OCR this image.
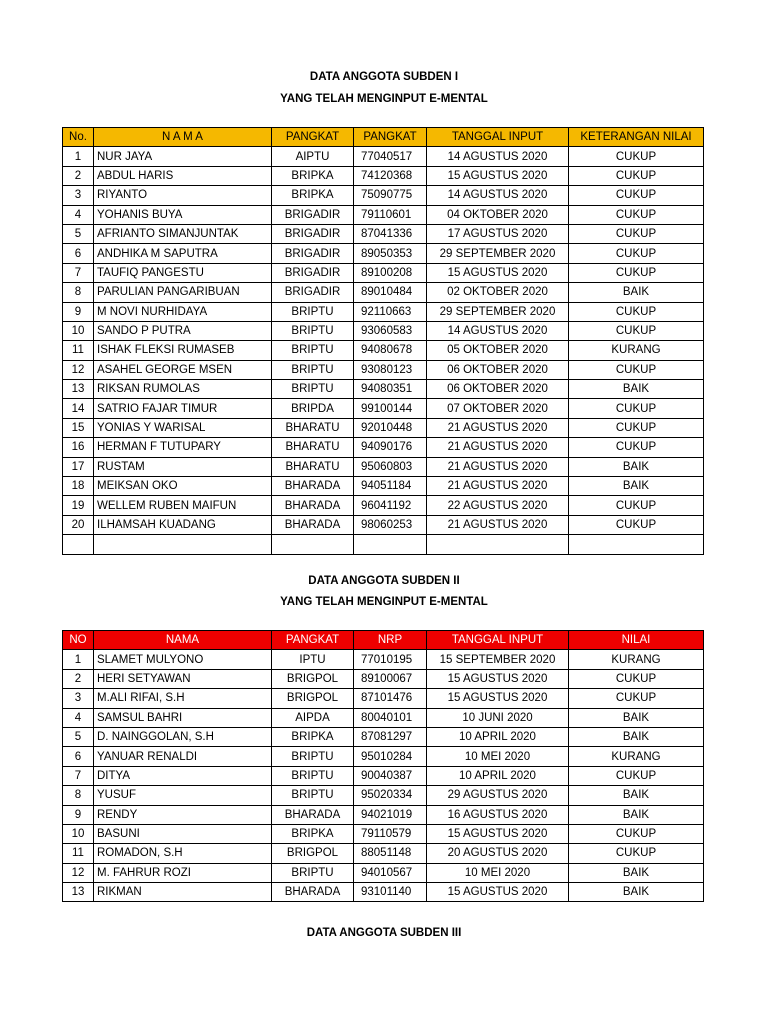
DATA ANGGOTA SUBDEN I
YANG TELAH MENGINPUT E-MENTAL
No.	N A M A	PANGKAT	PANGKAT	TANGGAL INPUT	KETERANGAN NILAI
1	NUR JAYA	AIPTU	77040517	14 AGUSTUS 2020	CUKUP
2	ABDUL HARIS	BRIPKA	74120368	15 AGUSTUS 2020	CUKUP
3	RIYANTO	BRIPKA	75090775	14 AGUSTUS 2020	CUKUP
4	YOHANIS BUYA	BRIGADIR	79110601	04 OKTOBER 2020	CUKUP
5	AFRIANTO SIMANJUNTAK	BRIGADIR	87041336	17 AGUSTUS 2020	CUKUP
6	ANDHIKA M SAPUTRA	BRIGADIR	89050353	29 SEPTEMBER 2020	CUKUP
7	TAUFIQ PANGESTU	BRIGADIR	89100208	15 AGUSTUS 2020	CUKUP
8	PARULIAN PANGARIBUAN	BRIGADIR	89010484	02 OKTOBER 2020	BAIK
9	M NOVI NURHIDAYA	BRIPTU	92110663	29 SEPTEMBER 2020	CUKUP
10	SANDO P PUTRA	BRIPTU	93060583	14 AGUSTUS 2020	CUKUP
11	ISHAK FLEKSI RUMASEB	BRIPTU	94080678	05 OKTOBER 2020	KURANG
12	ASAHEL GEORGE MSEN	BRIPTU	93080123	06 OKTOBER 2020	CUKUP
13	RIKSAN RUMOLAS	BRIPTU	94080351	06 OKTOBER 2020	BAIK
14	SATRIO FAJAR TIMUR	BRIPDA	99100144	07 OKTOBER 2020	CUKUP
15	YONIAS Y WARISAL	BHARATU	92010448	21 AGUSTUS 2020	CUKUP
16	HERMAN F TUTUPARY	BHARATU	94090176	21 AGUSTUS 2020	CUKUP
17	RUSTAM	BHARATU	95060803	21 AGUSTUS 2020	BAIK
18	MEIKSAN OKO	BHARADA	94051184	21 AGUSTUS 2020	BAIK
19	WELLEM RUBEN MAIFUN	BHARADA	96041192	22 AGUSTUS 2020	CUKUP
20	ILHAMSAH KUADANG	BHARADA	98060253	21 AGUSTUS 2020	CUKUP

DATA ANGGOTA SUBDEN II
YANG TELAH MENGINPUT E-MENTAL
NO	NAMA	PANGKAT	NRP	TANGGAL INPUT	NILAI
1	SLAMET MULYONO	IPTU	77010195	15 SEPTEMBER 2020	KURANG
2	HERI SETYAWAN	BRIGPOL	89100067	15 AGUSTUS 2020	CUKUP
3	M.ALI RIFAI, S.H	BRIGPOL	87101476	15 AGUSTUS 2020	CUKUP
4	SAMSUL BAHRI	AIPDA	80040101	10 JUNI 2020	BAIK
5	D. NAINGGOLAN, S.H	BRIPKA	87081297	10 APRIL 2020	BAIK
6	YANUAR RENALDI	BRIPTU	95010284	10 MEI 2020	KURANG
7	DITYA	BRIPTU	90040387	10 APRIL 2020	CUKUP
8	YUSUF	BRIPTU	95020334	29 AGUSTUS 2020	BAIK
9	RENDY	BHARADA	94021019	16 AGUSTUS 2020	BAIK
10	BASUNI	BRIPKA	79110579	15 AGUSTUS 2020	CUKUP
11	ROMADON, S.H	BRIGPOL	88051148	20 AGUSTUS 2020	CUKUP
12	M. FAHRUR ROZI	BRIPTU	94010567	10 MEI 2020	BAIK
13	RIKMAN	BHARADA	93101140	15 AGUSTUS 2020	BAIK
DATA ANGGOTA SUBDEN III
